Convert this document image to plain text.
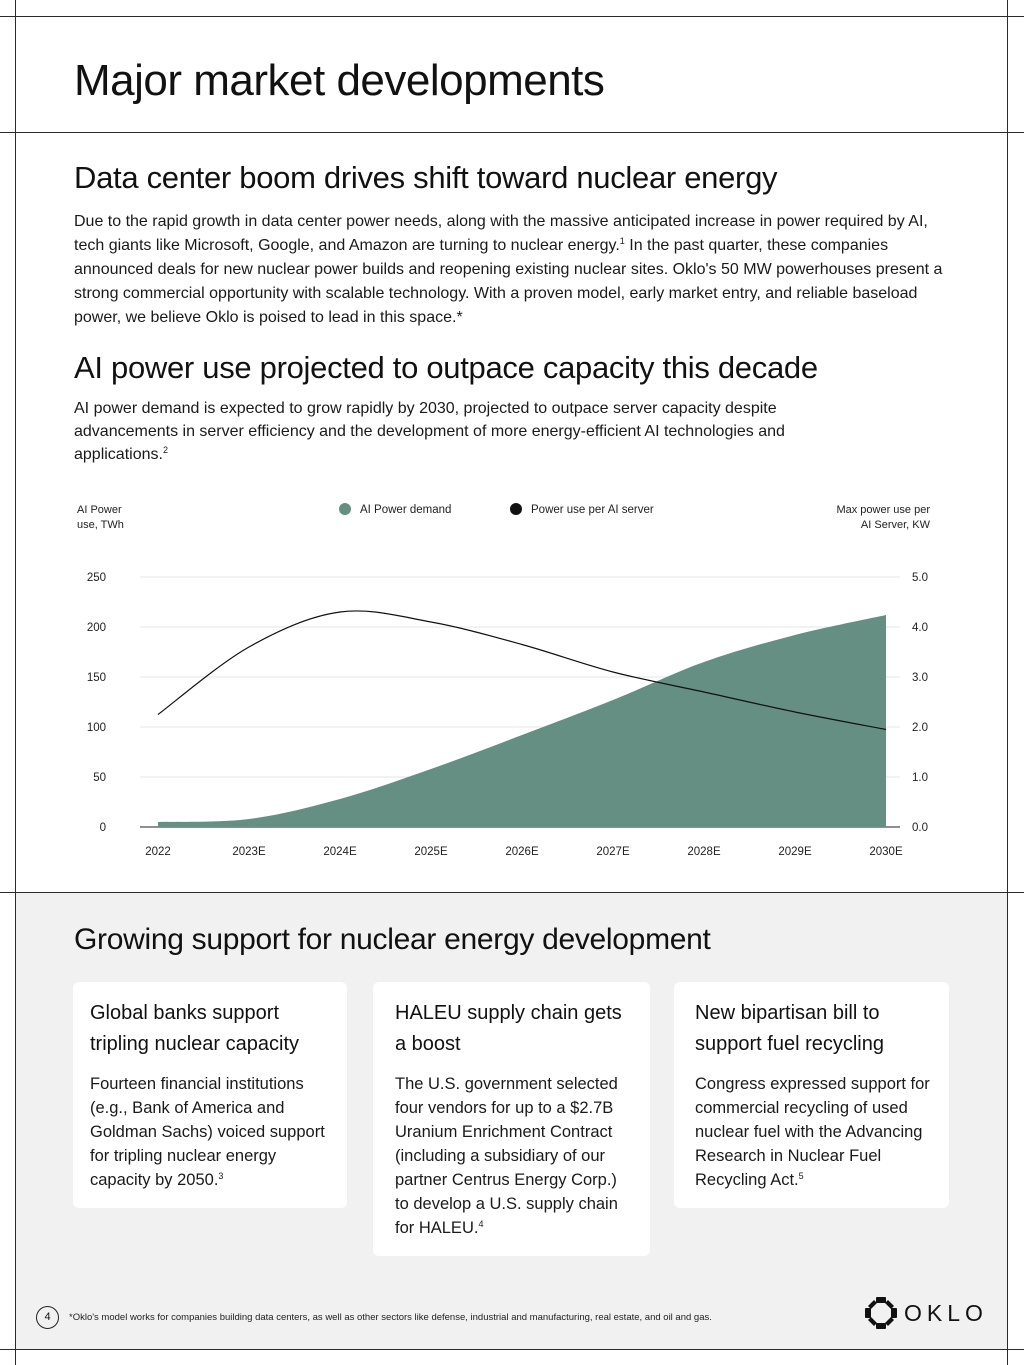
Major market developments
Data center boom drives shift toward nuclear energy

Due to the rapid growth in data center power needs, along with the massive anticipated increase in power required by AI, tech giants like Microsoft, Google, and Amazon are turning to nuclear energy.$^1$ In the past quarter, these companies announced deals for new nuclear power builds and reopening existing nuclear sites. Oklo's 50 MW powerhouses present a strong commercial opportunity with scalable technology. With a proven model, early market entry, and reliable baseload power, we believe Oklo is poised to lead in this space.*

AI power use projected to outpace capacity this decade

AI power demand is expected to grow rapidly by 2030, projected to outpace server capacity despite advancements in server efficiency and the development of more energy-efficient AI technologies and applications.$^2$

0	0.0
50	1.0
100	2.0
150	3.0
200	4.0
250	5.0
2022	2023E	2024E	2025E	2026E	2027E	2028E	2029E	2030E
AI Power
use, TWh
Max power use per
AI Server, KW
AI Power demand	Power use per AI server
Growing support for nuclear energy development
Global banks support tripling nuclear capacity
Fourteen financial institutions (e.g., Bank of America and Goldman Sachs) voiced support for tripling nuclear energy capacity by 2050.$^3$
HALEU supply chain gets a boost
The U.S. government selected four vendors for up to a $2.7B Uranium Enrichment Contract (including a subsidiary of our partner Centrus Energy Corp.) to develop a U.S. supply chain for HALEU.$^4$
New bipartisan bill to support fuel recycling
Congress expressed support for commercial recycling of used nuclear fuel with the Advancing Research in Nuclear Fuel Recycling Act.$^5$
4	*Oklo's model works for companies building data centers, as well as other sectors like defense, industrial and manufacturing, real estate, and oil and gas.	OKLO
